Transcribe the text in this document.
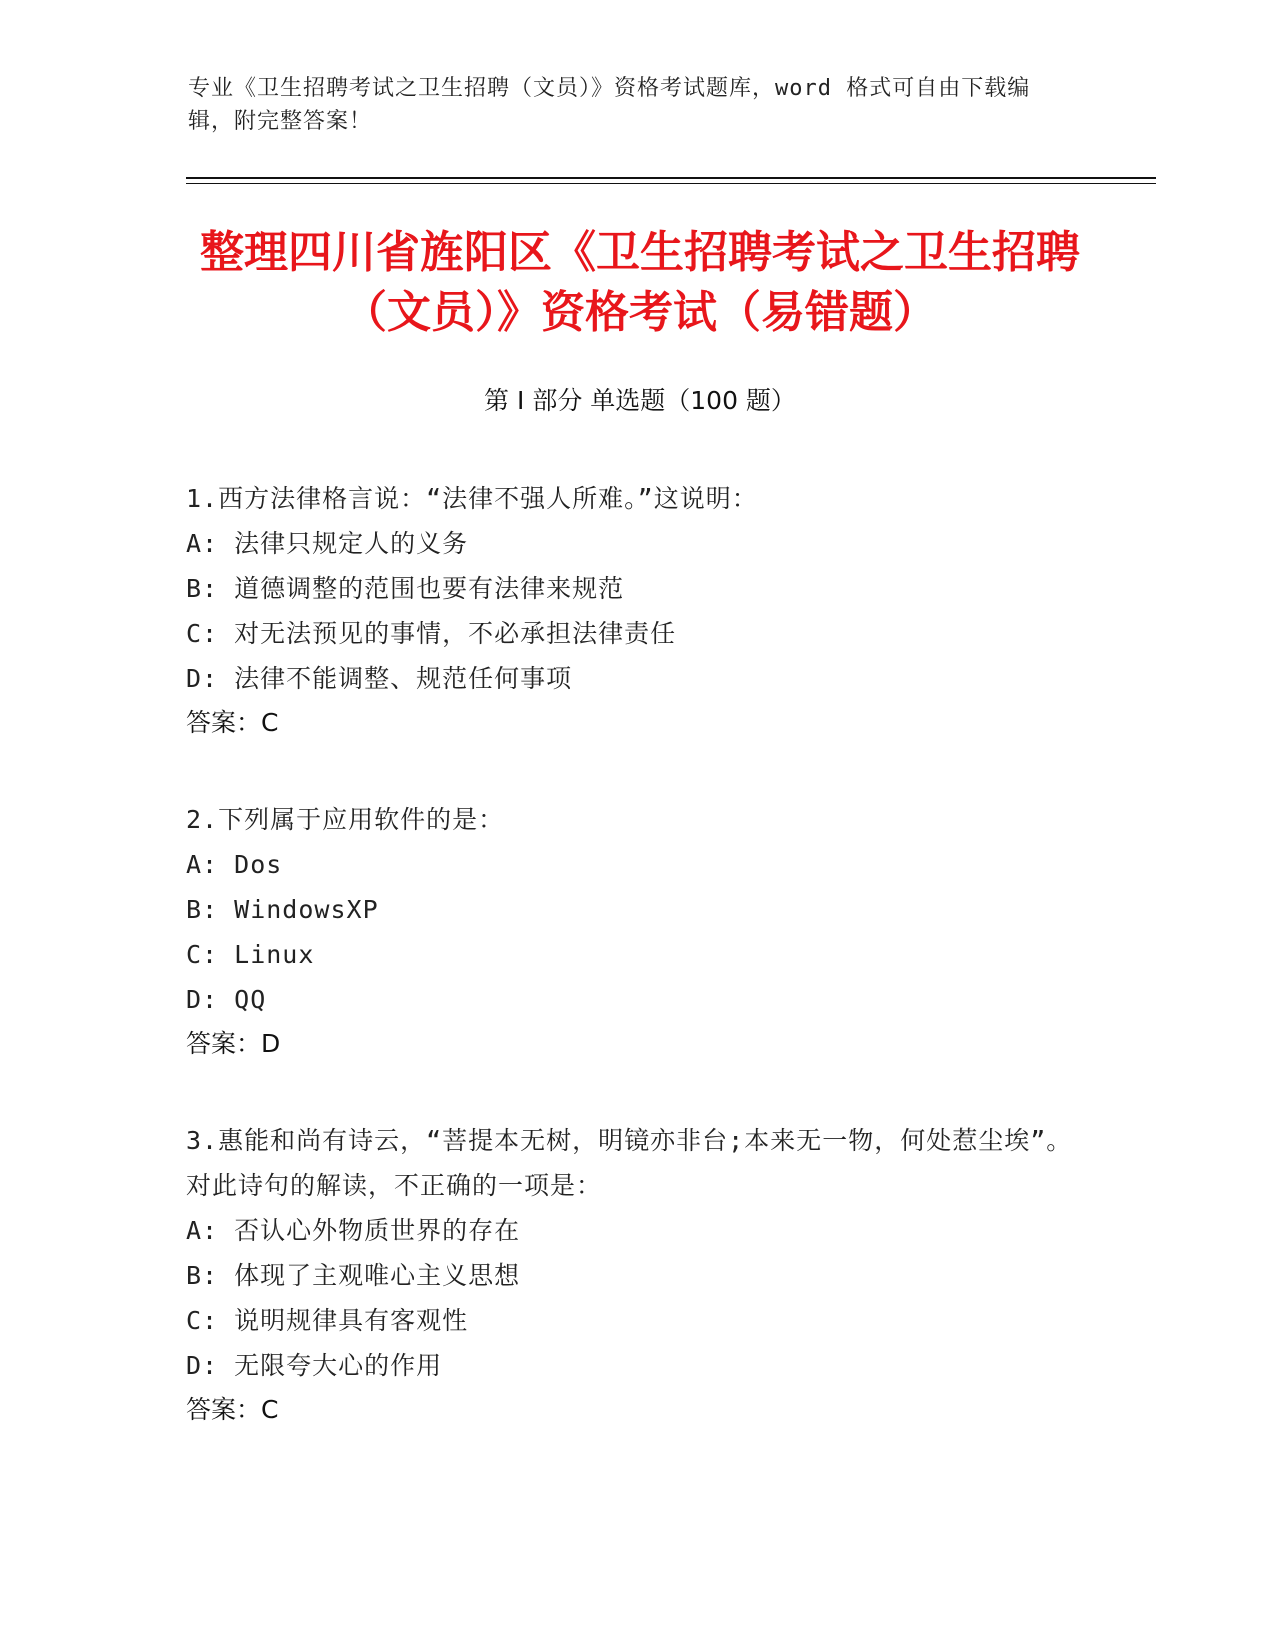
专业《卫生招聘考试之卫生招聘（文员）》资格考试题库，word 格式可自由下载编辑，附完整答案！
整理四川省旌阳区《卫生招聘考试之卫生招聘（文员）》资格考试（易错题）
第 I 部分 单选题（100 题）
1.西方法律格言说：“法律不强人所难。”这说明：
A: 法律只规定人的义务
B: 道德调整的范围也要有法律来规范
C: 对无法预见的事情，不必承担法律责任
D: 法律不能调整、规范任何事项
答案：C
2.下列属于应用软件的是：
A: Dos
B: WindowsXP
C: Linux
D: QQ
答案：D
3.惠能和尚有诗云，“菩提本无树，明镜亦非台;本来无一物，何处惹尘埃”。对此诗句的解读，不正确的一项是：
A: 否认心外物质世界的存在
B: 体现了主观唯心主义思想
C: 说明规律具有客观性
D: 无限夸大心的作用
答案：C
